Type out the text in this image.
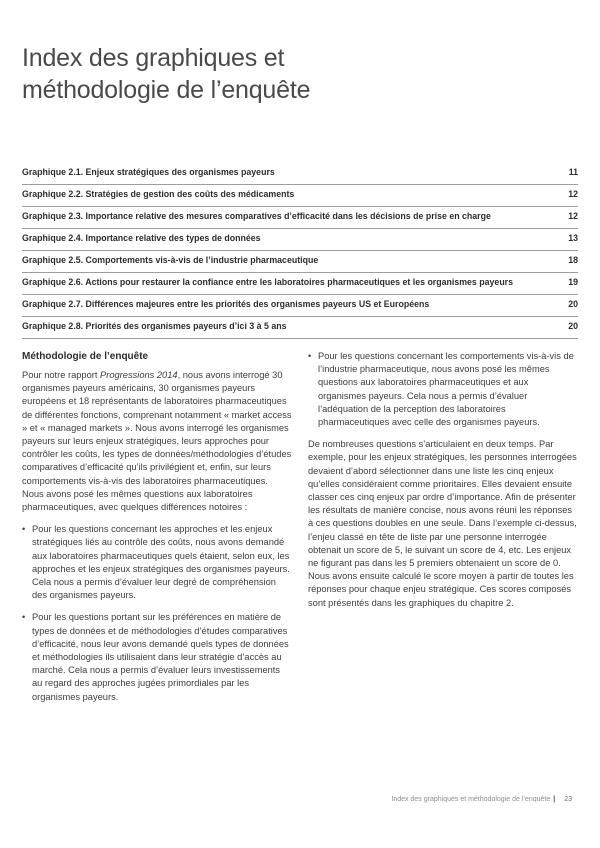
Index des graphiques et
méthodologie de l’enquête
Graphique 2.1. Enjeux stratégiques des organismes payeurs	11
Graphique 2.2. Stratégies de gestion des coûts des médicaments	12
Graphique 2.3. Importance relative des mesures comparatives d’efficacité dans les décisions de prise en charge	12
Graphique 2.4. Importance relative des types de données	13
Graphique 2.5. Comportements vis-à-vis de l’industrie pharmaceutique	18
Graphique 2.6. Actions pour restaurer la confiance entre les laboratoires pharmaceutiques et les organismes payeurs	19
Graphique 2.7. Différences majeures entre les priorités des organismes payeurs US et Européens	20
Graphique 2.8. Priorités des organismes payeurs d’ici 3 à 5 ans	20
Méthodologie de l’enquête

Pour notre rapport Progressions 2014, nous avons interrogé 30 organismes payeurs américains, 30 organismes payeurs européens et 18 représentants de laboratoires pharmaceutiques de différentes fonctions, comprenant notamment « market access » et « managed markets ». Nous avons interrogé les organismes payeurs sur leurs enjeux stratégiques, leurs approches pour contrôler les coûts, les types de données/méthodologies d’études comparatives d’efficacité qu’ils privilégient et, enfin, sur leurs comportements vis-à-vis des laboratoires pharmaceutiques. Nous avons posé les mêmes questions aux laboratoires pharmaceutiques, avec quelques différences notoires :

• Pour les questions concernant les approches et les enjeux stratégiques liés au contrôle des coûts, nous avons demandé aux laboratoires pharmaceutiques quels étaient, selon eux, les approches et les enjeux stratégiques des organismes payeurs. Cela nous a permis d’évaluer leur degré de compréhension des organismes payeurs.
• Pour les questions portant sur les préférences en matière de types de données et de méthodologies d’études comparatives d’efficacité, nous leur avons demandé quels types de données et méthodologies ils utilisaient dans leur stratégie d’accès au marché. Cela nous a permis d’évaluer leurs investissements au regard des approches jugées primordiales par les organismes payeurs.
• Pour les questions concernant les comportements vis-à-vis de l’industrie pharmaceutique, nous avons posé les mêmes questions aux laboratoires pharmaceutiques et aux organismes payeurs. Cela nous a permis d’évaluer l’adéquation de la perception des laboratoires pharmaceutiques avec celle des organismes payeurs.

De nombreuses questions s’articulaient en deux temps. Par exemple, pour les enjeux stratégiques, les personnes interrogées devaient d’abord sélectionner dans une liste les cinq enjeux qu’elles considéraient comme prioritaires. Elles devaient ensuite classer ces cinq enjeux par ordre d’importance. Afin de présenter les résultats de manière concise, nous avons réuni les réponses à ces questions doubles en une seule. Dans l’exemple ci-dessus, l’enjeu classé en tête de liste par une personne interrogée obtenait un score de 5, le suivant un score de 4, etc. Les enjeux ne figurant pas dans les 5 premiers obtenaient un score de 0. Nous avons ensuite calculé le score moyen à partir de toutes les réponses pour chaque enjeu stratégique. Ces scores composés sont présentés dans les graphiques du chapitre 2.

Index des graphiques et méthodologie de l’enquête | 23
